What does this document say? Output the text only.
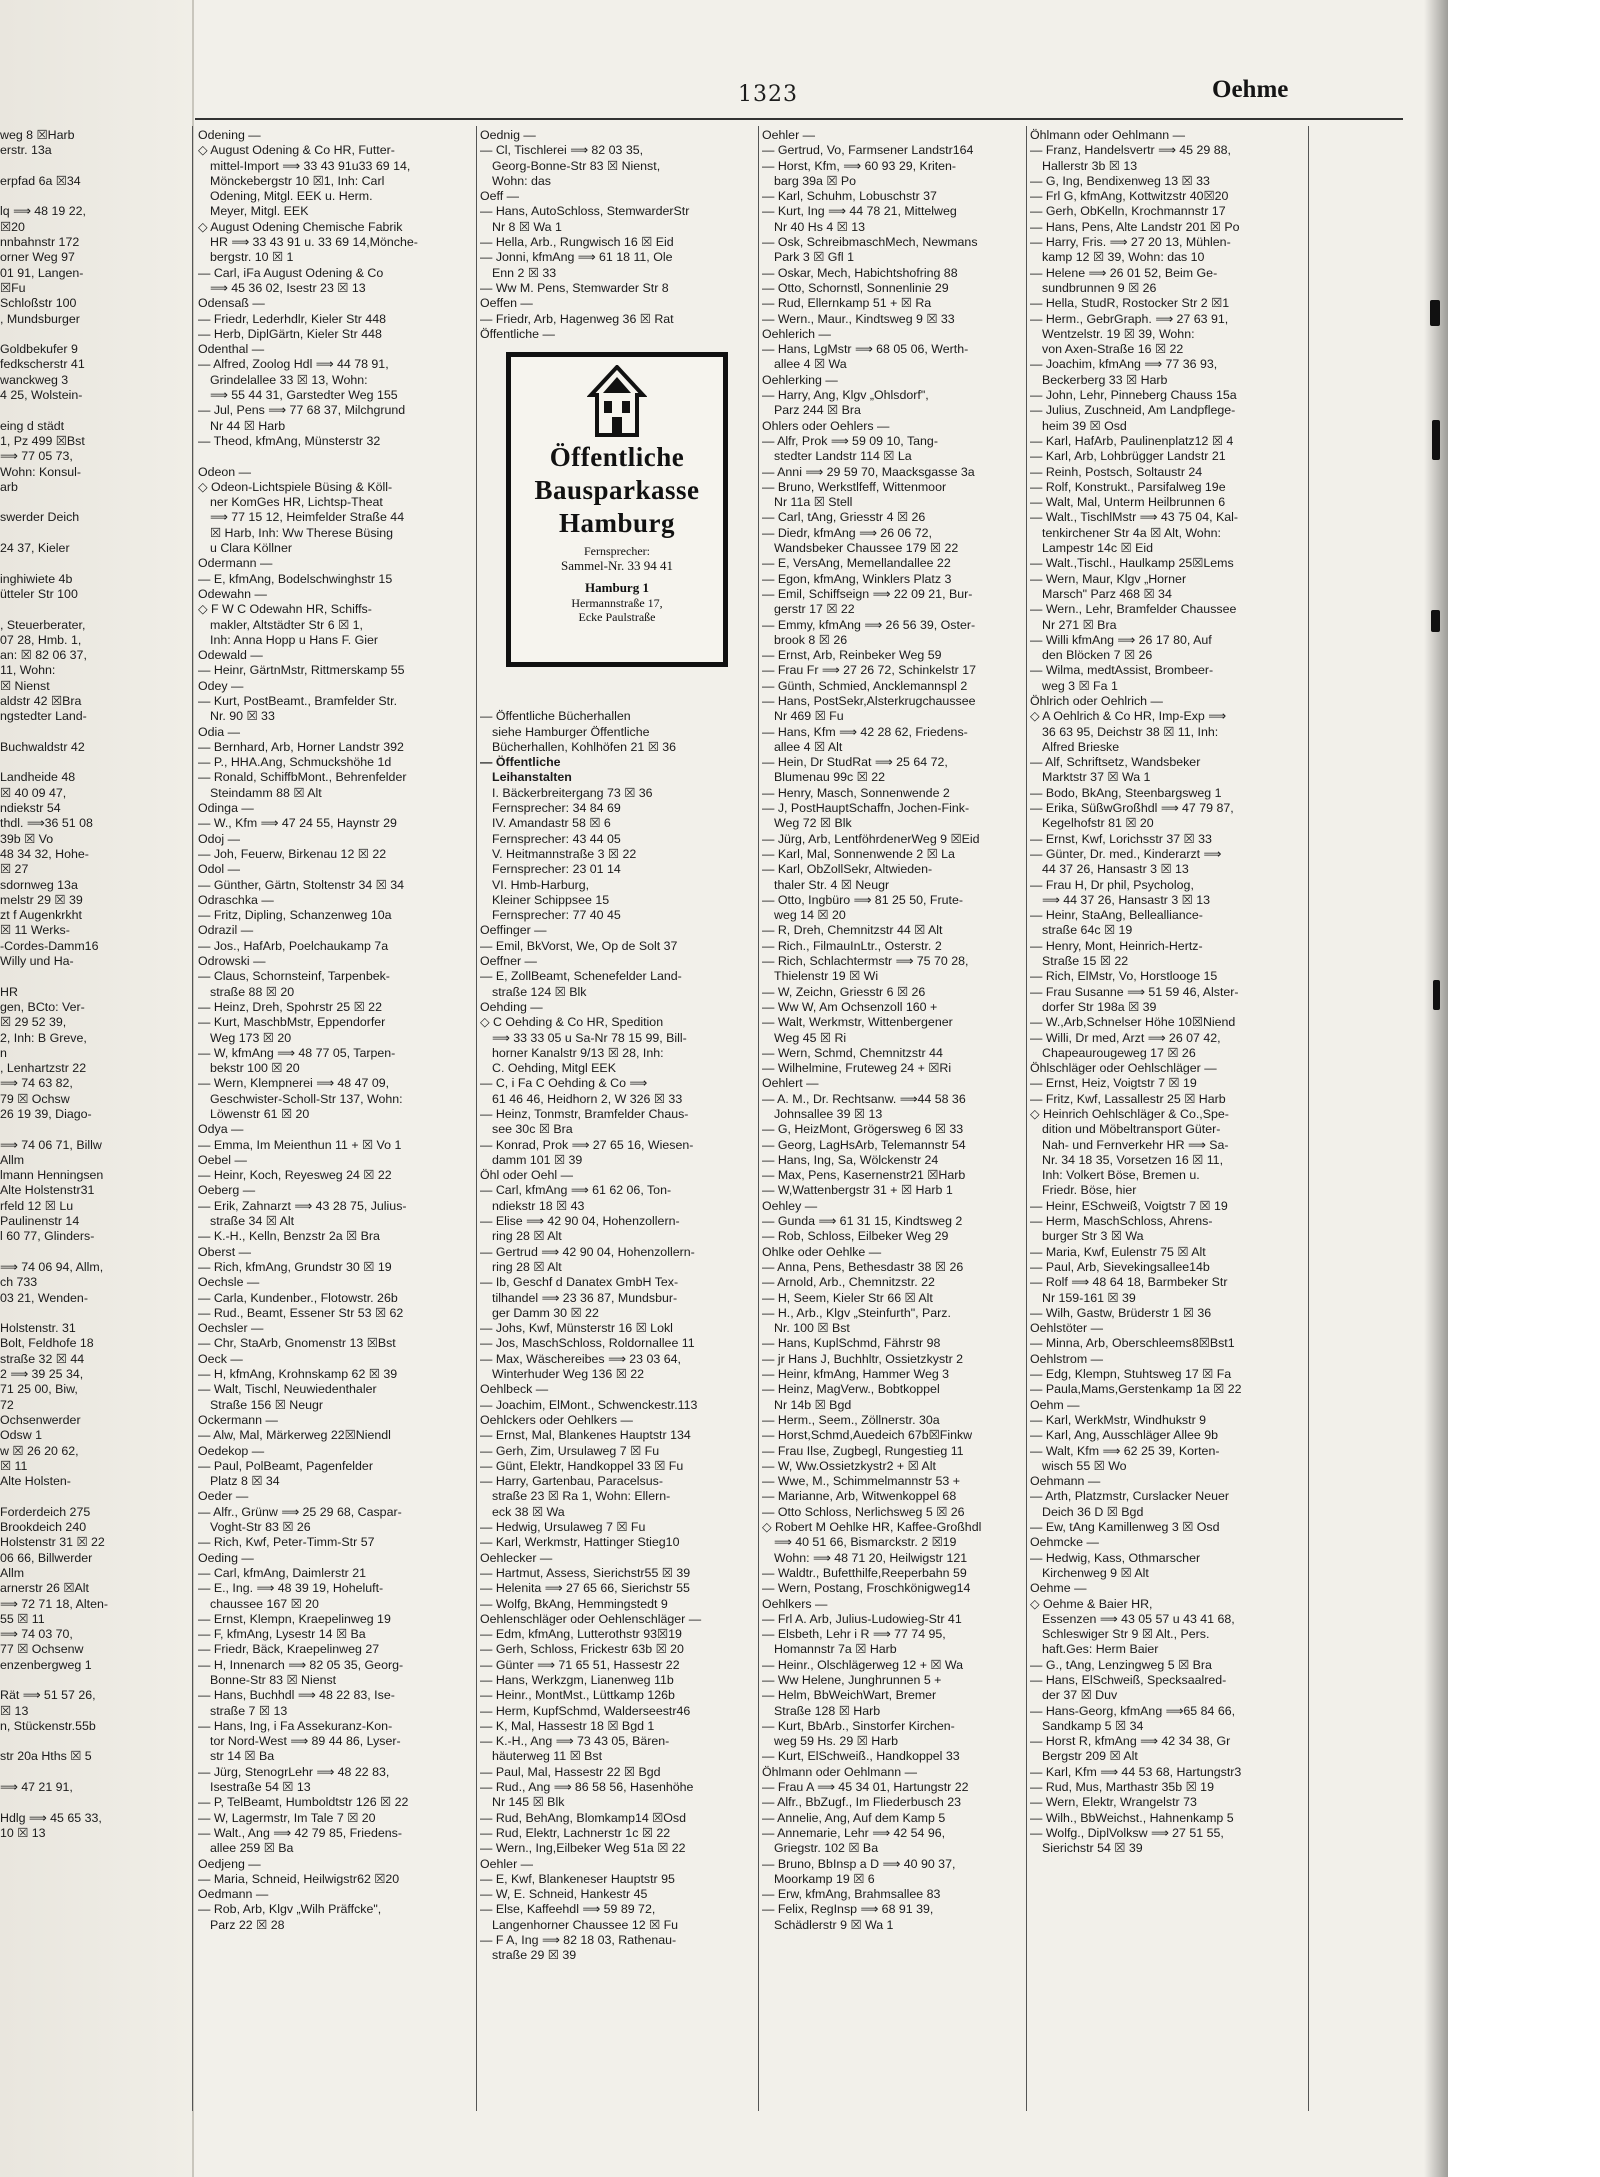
1323	Oehme
weg 8 ☒Harb
erstr. 13a

erpfad 6a ☒34

lq ⟹ 48 19 22,
☒20
nnbahnstr 172
orner Weg 97
01 91, Langen-
☒Fu
Schloßstr 100
, Mundsburger

Goldbekufer 9
fedkscherstr 41
wanckweg 3
4 25, Wolstein-

eing d städt
1, Pz 499 ☒Bst
⟹ 77 05 73,
Wohn: Konsul-
arb

swerder Deich

24 37, Kieler

inghiwiete 4b
ütteler Str 100

, Steuerberater,
07 28, Hmb. 1,
an: ☒ 82 06 37,
11, Wohn:
☒ Nienst
aldstr 42 ☒Bra
ngstedter Land-

Buchwaldstr 42

Landheide 48
☒ 40 09 47,
ndiekstr 54
thdl. ⟹36 51 08
39b ☒ Vo
48 34 32, Hohe-
☒ 27
sdornweg 13a
melstr 29 ☒ 39
zt f Augenkrkht
☒ 11 Werks-
-Cordes-Damm16
Willy und Ha-

HR
gen, BCto: Ver-
☒ 29 52 39,
2, Inh: B Greve,
n
, Lenhartzstr 22
⟹ 74 63 82,
79 ☒ Ochsw
26 19 39, Diago-

⟹ 74 06 71, Billw
Allm
lmann Henningsen
Alte Holstenstr31
rfeld 12 ☒ Lu
Paulinenstr 14
l 60 77, Glinders-

⟹ 74 06 94, Allm,
ch 733
03 21, Wenden-

Holstenstr. 31
Bolt, Feldhofe 18
straße 32 ☒ 44
2 ⟹ 39 25 34,
71 25 00, Biw,
72
Ochsenwerder
Odsw 1
w ☒ 26 20 62,
☒ 11
Alte Holsten-

Forderdeich 275
Brookdeich 240
Holstenstr 31 ☒ 22
06 66, Billwerder
Allm
arnerstr 26 ☒Alt
⟹ 72 71 18, Alten-
55 ☒ 11
⟹ 74 03 70,
77 ☒ Ochsenw
enzenbergweg 1

Rät ⟹ 51 57 26,
☒ 13
n, Stückenstr.55b

str 20a Hths ☒ 5

⟹ 47 21 91,

Hdlg ⟹ 45 65 33,
10 ☒ 13
Odening —
◇ August Odening & Co HR, Futter-
mittel-Import ⟹ 33 43 91u33 69 14,
Mönckebergstr 10 ☒1, Inh: Carl
Odening, Mitgl. EEK u. Herm.
Meyer, Mitgl. EEK
◇ August Odening Chemische Fabrik
HR ⟹ 33 43 91 u. 33 69 14,Mönche-
bergstr. 10 ☒ 1
— Carl, iFa August Odening & Co
⟹ 45 36 02, Isestr 23 ☒ 13
Odensaß —
— Friedr, Lederhdlr, Kieler Str 448
— Herb, DiplGärtn, Kieler Str 448
Odenthal —
— Alfred, Zoolog Hdl ⟹ 44 78 91,
Grindelallee 33 ☒ 13, Wohn:
⟹ 55 44 31, Garstedter Weg 155
— Jul, Pens ⟹ 77 68 37, Milchgrund
Nr 44 ☒ Harb
— Theod, kfmAng, Münsterstr 32

Odeon —
◇ Odeon-Lichtspiele Büsing & Köll-
ner KomGes HR, Lichtsp-Theat
⟹ 77 15 12, Heimfelder Straße 44
☒ Harb, Inh: Ww Therese Büsing
u Clara Köllner
Odermann —
— E, kfmAng, Bodelschwinghstr 15
Odewahn —
◇ F W C Odewahn HR, Schiffs-
makler, Altstädter Str 6 ☒ 1,
Inh: Anna Hopp u Hans F. Gier
Odewald —
— Heinr, GärtnMstr, Rittmerskamp 55
Odey —
— Kurt, PostBeamt., Bramfelder Str.
Nr. 90 ☒ 33
Odia —
— Bernhard, Arb, Horner Landstr 392
— P., HHA.Ang, Schmuckshöhe 1d
— Ronald, SchiffbMont., Behrenfelder
Steindamm 88 ☒ Alt
Odinga —
— W., Kfm ⟹ 47 24 55, Haynstr 29
Odoj —
— Joh, Feuerw, Birkenau 12 ☒ 22
Odol —
— Günther, Gärtn, Stoltenstr 34 ☒ 34
Odraschka —
— Fritz, Dipling, Schanzenweg 10a
Odrazil —
— Jos., HafArb, Poelchaukamp 7a
Odrowski —
— Claus, Schornsteinf, Tarpenbek-
straße 88 ☒ 20
— Heinz, Dreh, Spohrstr 25 ☒ 22
— Kurt, MaschbMstr, Eppendorfer
Weg 173 ☒ 20
— W, kfmAng ⟹ 48 77 05, Tarpen-
bekstr 100 ☒ 20
— Wern, Klempnerei ⟹ 48 47 09,
Geschwister-Scholl-Str 137, Wohn:
Löwenstr 61 ☒ 20
Odya —
— Emma, Im Meienthun 11 + ☒ Vo 1
Oebel —
— Heinr, Koch, Reyesweg 24 ☒ 22
Oeberg —
— Erik, Zahnarzt ⟹ 43 28 75, Julius-
straße 34 ☒ Alt
— K.-H., Kelln, Benzstr 2a ☒ Bra
Oberst —
— Rich, kfmAng, Grundstr 30 ☒ 19
Oechsle —
— Carla, Kundenber., Flotowstr. 26b
— Rud., Beamt, Essener Str 53 ☒ 62
Oechsler —
— Chr, StaArb, Gnomenstr 13 ☒Bst
Oeck —
— H, kfmAng, Krohnskamp 62 ☒ 39
— Walt, Tischl, Neuwiedenthaler
Straße 156 ☒ Neugr
Ockermann —
— Alw, Mal, Märkerweg 22☒Niendl
Oedekop —
— Paul, PolBeamt, Pagenfelder
Platz 8 ☒ 34
Oeder —
— Alfr., Grünw ⟹ 25 29 68, Caspar-
Voght-Str 83 ☒ 26
— Rich, Kwf, Peter-Timm-Str 57
Oeding —
— Carl, kfmAng, Daimlerstr 21
— E., Ing. ⟹ 48 39 19, Hoheluft-
chaussee 167 ☒ 20
— Ernst, Klempn, Kraepelinweg 19
— F, kfmAng, Lysestr 14 ☒ Ba
— Friedr, Bäck, Kraepelinweg 27
— H, Innenarch ⟹ 82 05 35, Georg-
Bonne-Str 83 ☒ Nienst
— Hans, Buchhdl ⟹ 48 22 83, Ise-
straße 7 ☒ 13
— Hans, Ing, i Fa Assekuranz-Kon-
tor Nord-West ⟹ 89 44 86, Lyser-
str 14 ☒ Ba
— Jürg, StenogrLehr ⟹ 48 22 83,
Isestraße 54 ☒ 13
— P, TelBeamt, Humboldtstr 126 ☒ 22
— W, Lagermstr, Im Tale 7 ☒ 20
— Walt., Ang ⟹ 42 79 85, Friedens-
allee 259 ☒ Ba
Oedjeng —
— Maria, Schneid, Heilwigstr62 ☒20
Oedmann —
— Rob, Arb, Klgv „Wilh Präffcke",
Parz 22 ☒ 28
Oednig —
— Cl, Tischlerei ⟹ 82 03 35,
Georg-Bonne-Str 83 ☒ Nienst,
Wohn: das
Oeff —
— Hans, AutoSchloss, StemwarderStr
Nr 8 ☒ Wa 1
— Hella, Arb., Rungwisch 16 ☒ Eid
— Jonni, kfmAng ⟹ 61 18 11, Ole
Enn 2 ☒ 33
— Ww M. Pens, Stemwarder Str 8
Oeffen —
— Friedr, Arb, Hagenweg 36 ☒ Rat
Öffentliche —

— Öffentliche Bücherhallen
siehe Hamburger Öffentliche
Bücherhallen, Kohlhöfen 21 ☒ 36
— Öffentliche
Leihanstalten
I. Bäckerbreitergang 73 ☒ 36
Fernsprecher: 34 84 69
IV. Amandastr 58 ☒ 6
Fernsprecher: 43 44 05
V. Heitmannstraße 3 ☒ 22
Fernsprecher: 23 01 14
VI. Hmb-Harburg,
Kleiner Schippsee 15
Fernsprecher: 77 40 45
Oeffinger —
— Emil, BkVorst, We, Op de Solt 37
Oeffner —
— E, ZollBeamt, Schenefelder Land-
straße 124 ☒ Blk
Oehding —
◇ C Oehding & Co HR, Spedition
⟹ 33 33 05 u Sa-Nr 78 15 99, Bill-
horner Kanalstr 9/13 ☒ 28, Inh:
C. Oehding, Mitgl EEK
— C, i Fa C Oehding & Co ⟹
61 46 46, Heidhorn 2, W 326 ☒ 33
— Heinz, Tonmstr, Bramfelder Chaus-
see 30c ☒ Bra
— Konrad, Prok ⟹ 27 65 16, Wiesen-
damm 101 ☒ 39
Öhl oder Oehl —
— Carl, kfmAng ⟹ 61 62 06, Ton-
ndiekstr 18 ☒ 43
— Elise ⟹ 42 90 04, Hohenzollern-
ring 28 ☒ Alt
— Gertrud ⟹ 42 90 04, Hohenzollern-
ring 28 ☒ Alt
— Ib, Geschf d Danatex GmbH Tex-
tilhandel ⟹ 23 36 87, Mundsbur-
ger Damm 30 ☒ 22
— Johs, Kwf, Münsterstr 16 ☒ Lokl
— Jos, MaschSchloss, Roldornallee 11
— Max, Wäschereibes ⟹ 23 03 64,
Winterhuder Weg 136 ☒ 22
Oehlbeck —
— Joachim, ElMont., Schwenckestr.113
Oehlckers oder Oehlkers —
— Ernst, Mal, Blankenes Hauptstr 134
— Gerh, Zim, Ursulaweg 7 ☒ Fu
— Günt, Elektr, Handkoppel 33 ☒ Fu
— Harry, Gartenbau, Paracelsus-
straße 23 ☒ Ra 1, Wohn: Ellern-
eck 38 ☒ Wa
— Hedwig, Ursulaweg 7 ☒ Fu
— Karl, Werkmstr, Hattinger Stieg10
Oehlecker —
— Hartmut, Assess, Sierichstr55 ☒ 39
— Helenita ⟹ 27 65 66, Sierichstr 55
— Wolfg, BkAng, Hemmingstedt 9
Oehlenschläger oder Oehlenschläger —
— Edm, kfmAng, Lutterothstr 93☒19
— Gerh, Schloss, Frickestr 63b ☒ 20
— Günter ⟹ 71 65 51, Hassestr 22
— Hans, Werkzgm, Lianenweg 11b
— Heinr., MontMst., Lüttkamp 126b
— Herm, KupfSchmd, Walderseestr46
— K, Mal, Hassestr 18 ☒ Bgd 1
— K.-H., Ang ⟹ 73 43 05, Bären-
häuterweg 11 ☒ Bst
— Paul, Mal, Hassestr 22 ☒ Bgd
— Rud., Ang ⟹ 86 58 56, Hasenhöhe
Nr 145 ☒ Blk
— Rud, BehAng, Blomkamp14 ☒Osd
— Rud, Elektr, Lachnerstr 1c ☒ 22
— Wern., Ing,Eilbeker Weg 51a ☒ 22
Oehler —
— E, Kwf, Blankeneser Hauptstr 95
— W, E. Schneid, Hankestr 45
— Else, Kaffeehdl ⟹ 59 89 72,
Langenhorner Chaussee 12 ☒ Fu
— F A, Ing ⟹ 82 18 03, Rathenau-
straße 29 ☒ 39
Oehler —
— Gertrud, Vo, Farmsener Landstr164
— Horst, Kfm, ⟹ 60 93 29, Kriten-
barg 39a ☒ Po
— Karl, Schuhm, Lobuschstr 37
— Kurt, Ing ⟹ 44 78 21, Mittelweg
Nr 40 Hs 4 ☒ 13
— Osk, SchreibmaschMech, Newmans
Park 3 ☒ Gfl 1
— Oskar, Mech, Habichtshofring 88
— Otto, Schornstl, Sonnenlinie 29
— Rud, Ellernkamp 51 + ☒ Ra
— Wern., Maur., Kindtsweg 9 ☒ 33
Oehlerich —
— Hans, LgMstr ⟹ 68 05 06, Werth-
allee 4 ☒ Wa
Oehlerking —
— Harry, Ang, Klgv „Ohlsdorf",
Parz 244 ☒ Bra
Ohlers oder Oehlers —
— Alfr, Prok ⟹ 59 09 10, Tang-
stedter Landstr 114 ☒ La
— Anni ⟹ 29 59 70, Maacksgasse 3a
— Bruno, Werkstlfeff, Wittenmoor
Nr 11a ☒ Stell
— Carl, tAng, Griesstr 4 ☒ 26
— Diedr, kfmAng ⟹ 26 06 72,
Wandsbeker Chaussee 179 ☒ 22
— E, VersAng, Memellandallee 22
— Egon, kfmAng, Winklers Platz 3
— Emil, Schiffseign ⟹ 22 09 21, Bur-
gerstr 17 ☒ 22
— Emmy, kfmAng ⟹ 26 56 39, Oster-
brook 8 ☒ 26
— Ernst, Arb, Reinbeker Weg 59
— Frau Fr ⟹ 27 26 72, Schinkelstr 17
— Günth, Schmied, Ancklemannspl 2
— Hans, PostSekr,Alsterkrugchaussee
Nr 469 ☒ Fu
— Hans, Kfm ⟹ 42 28 62, Friedens-
allee 4 ☒ Alt
— Hein, Dr StudRat ⟹ 25 64 72,
Blumenau 99c ☒ 22
— Henry, Masch, Sonnenwende 2
— J, PostHauptSchaffn, Jochen-Fink-
Weg 72 ☒ Blk
— Jürg, Arb, LentföhrdenerWeg 9 ☒Eid
— Karl, Mal, Sonnenwende 2 ☒ La
— Karl, ObZollSekr, Altwieden-
thaler Str. 4 ☒ Neugr
— Otto, Ingbüro ⟹ 81 25 50, Frute-
weg 14 ☒ 20
— R, Dreh, Chemnitzstr 44 ☒ Alt
— Rich., FilmauInLtr., Osterstr. 2
— Rich, Schlachtermstr ⟹ 75 70 28,
Thielenstr 19 ☒ Wi
— W, Zeichn, Griesstr 6 ☒ 26
— Ww W, Am Ochsenzoll 160 +
— Walt, Werkmstr, Wittenbergener
Weg 45 ☒ Ri
— Wern, Schmd, Chemnitzstr 44
— Wilhelmine, Fruteweg 24 + ☒Ri
Oehlert —
— A. M., Dr. Rechtsanw. ⟹44 58 36
Johnsallee 39 ☒ 13
— G, HeizMont, Grögersweg 6 ☒ 33
— Georg, LagHsArb, Telemannstr 54
— Hans, Ing, Sa, Wölckenstr 24
— Max, Pens, Kasernenstr21 ☒Harb
— W,Wattenbergstr 31 + ☒ Harb 1
Oehley —
— Gunda ⟹ 61 31 15, Kindtsweg 2
— Rob, Schloss, Eilbeker Weg 29
Ohlke oder Oehlke —
— Anna, Pens, Bethesdastr 38 ☒ 26
— Arnold, Arb., Chemnitzstr. 22
— H, Seem, Kieler Str 66 ☒ Alt
— H., Arb., Klgv „Steinfurth", Parz.
Nr. 100 ☒ Bst
— Hans, KuplSchmd, Fährstr 98
— jr Hans J, Buchhltr, Ossietzkystr 2
— Heinr, kfmAng, Hammer Weg 3
— Heinz, MagVerw., Bobtkoppel
Nr 14b ☒ Bgd
— Herm., Seem., Zöllnerstr. 30a
— Horst,Schmd,Auedeich 67b☒Finkw
— Frau Ilse, Zugbegl, Rungestieg 11
— W, Ww.Ossietzkystr2 + ☒ Alt
— Wwe, M., Schimmelmannstr 53 +
— Marianne, Arb, Witwenkoppel 68
— Otto Schloss, Nerlichsweg 5 ☒ 26
◇ Robert M Oehlke HR, Kaffee-Großhdl
⟹ 40 51 66, Bismarckstr. 2 ☒19
Wohn: ⟹ 48 71 20, Heilwigstr 121
— Waldtr., Bufetthilfe,Reeperbahn 59
— Wern, Postang, Froschkönigweg14
Oehlkers —
— Frl A. Arb, Julius-Ludowieg-Str 41
— Elsbeth, Lehr i R ⟹ 77 74 95,
Homannstr 7a ☒ Harb
— Heinr., Olschlägerweg 12 + ☒ Wa
— Ww Helene, Junghrunnen 5 +
— Helm, BbWeichWart, Bremer
Straße 128 ☒ Harb
— Kurt, BbArb., Sinstorfer Kirchen-
weg 59 Hs. 29 ☒ Harb
— Kurt, ElSchweiß., Handkoppel 33
Öhlmann oder Oehlmann —
— Frau A ⟹ 45 34 01, Hartungstr 22
— Alfr., BbZugf., Im Fliederbusch 23
— Annelie, Ang, Auf dem Kamp 5
— Annemarie, Lehr ⟹ 42 54 96,
Griegstr. 102 ☒ Ba
— Bruno, BbInsp a D ⟹ 40 90 37,
Moorkamp 19 ☒ 6
— Erw, kfmAng, Brahmsallee 83
— Felix, RegInsp ⟹ 68 91 39,
Schädlerstr 9 ☒ Wa 1
Öhlmann oder Oehlmann —
— Franz, Handelsvertr ⟹ 45 29 88,
Hallerstr 3b ☒ 13
— G, Ing, Bendixenweg 13 ☒ 33
— Frl G, kfmAng, Kottwitzstr 40☒20
— Gerh, ObKelln, Krochmannstr 17
— Hans, Pens, Alte Landstr 201 ☒ Po
— Harry, Fris. ⟹ 27 20 13, Mühlen-
kamp 12 ☒ 39, Wohn: das 10
— Helene ⟹ 26 01 52, Beim Ge-
sundbrunnen 9 ☒ 26
— Hella, StudR, Rostocker Str 2 ☒1
— Herm., GebrGraph. ⟹ 27 63 91,
Wentzelstr. 19 ☒ 39, Wohn:
von Axen-Straße 16 ☒ 22
— Joachim, kfmAng ⟹ 77 36 93,
Beckerberg 33 ☒ Harb
— John, Lehr, Pinneberg Chauss 15a
— Julius, Zuschneid, Am Landpflege-
heim 39 ☒ Osd
— Karl, HafArb, Paulinenplatz12 ☒ 4
— Karl, Arb, Lohbrügger Landstr 21
— Reinh, Postsch, Soltaustr 24
— Rolf, Konstrukt., Parsifalweg 19e
— Walt, Mal, Unterm Heilbrunnen 6
— Walt., TischlMstr ⟹ 43 75 04, Kal-
tenkirchener Str 4a ☒ Alt, Wohn:
Lampestr 14c ☒ Eid
— Walt.,Tischl., Haulkamp 25☒Lems
— Wern, Maur, Klgv „Horner
Marsch" Parz 468 ☒ 34
— Wern., Lehr, Bramfelder Chaussee
Nr 271 ☒ Bra
— Willi kfmAng ⟹ 26 17 80, Auf
den Blöcken 7 ☒ 26
— Wilma, medtAssist, Brombeer-
weg 3 ☒ Fa 1
Öhlrich oder Oehlrich —
◇ A Oehlrich & Co HR, Imp-Exp ⟹
36 63 95, Deichstr 38 ☒ 11, Inh:
Alfred Brieske
— Alf, Schriftsetz, Wandsbeker
Marktstr 37 ☒ Wa 1
— Bodo, BkAng, Steenbargsweg 1
— Erika, SüßwGroßhdl ⟹ 47 79 87,
Kegelhofstr 81 ☒ 20
— Ernst, Kwf, Lorichsstr 37 ☒ 33
— Günter, Dr. med., Kinderarzt ⟹
44 37 26, Hansastr 3 ☒ 13
— Frau H, Dr phil, Psycholog,
⟹ 44 37 26, Hansastr 3 ☒ 13
— Heinr, StaAng, Belleallianсe-
straße 64c ☒ 19
— Henry, Mont, Heinrich-Hertz-
Straße 15 ☒ 22
— Rich, ElMstr, Vo, Horstlooge 15
— Frau Susanne ⟹ 51 59 46, Alster-
dorfer Str 198a ☒ 39
— W.,Arb,Schnelser Höhe 10☒Niend
— Willi, Dr med, Arzt ⟹ 26 07 42,
Chapeaurougeweg 17 ☒ 26
Öhlschläger oder Oehlschläger —
— Ernst, Heiz, Voigtstr 7 ☒ 19
— Fritz, Kwf, Lassallestr 25 ☒ Harb
◇ Heinrich Oehlschläger & Co.,Spe-
dition und Möbeltransport Güter-
Nah- und Fernverkehr HR ⟹ Sa-
Nr. 34 18 35, Vorsetzen 16 ☒ 11,
Inh: Volkert Böse, Bremen u.
Friedr. Böse, hier
— Heinr, ESchweiß, Voigtstr 7 ☒ 19
— Herm, MaschSchloss, Ahrens-
burger Str 3 ☒ Wa
— Maria, Kwf, Eulenstr 75 ☒ Alt
— Paul, Arb, Sievekingsallee14b
— Rolf ⟹ 48 64 18, Barmbeker Str
Nr 159-161 ☒ 39
— Wilh, Gastw, Brüderstr 1 ☒ 36
Oehlstöter —
— Minna, Arb, Oberschleems8☒Bst1
Oehlstrom —
— Edg, Klempn, Stuhtsweg 17 ☒ Fa
— Paula,Mams,Gerstenkamp 1a ☒ 22
Oehm —
— Karl, WerkMstr, Windhukstr 9
— Karl, Ang, Ausschläger Allee 9b
— Walt, Kfm ⟹ 62 25 39, Korten-
wisch 55 ☒ Wo
Oehmann —
— Arth, Platzmstr, Curslacker Neuer
Deich 36 D ☒ Bgd
— Ew, tAng Kamillenweg 3 ☒ Osd
Oehmcke —
— Hedwig, Kass, Othmarscher
Kirchenweg 9 ☒ Alt
Oehme —
◇ Oehme & Baier HR,
Essenzen ⟹ 43 05 57 u 43 41 68,
Schleswiger Str 9 ☒ Alt., Pers.
haft.Ges: Herm Baier
— G., tAng, Lenzingweg 5 ☒ Bra
— Hans, ElSchweiß, Specksaalred-
der 37 ☒ Duv
— Hans-Georg, kfmAng ⟹65 84 66,
Sandkamp 5 ☒ 34
— Horst R, kfmAng ⟹ 42 34 38, Gr
Bergstr 209 ☒ Alt
— Karl, Kfm ⟹ 44 53 68, Hartungstr3
— Rud, Mus, Marthastr 35b ☒ 19
— Wern, Elektr, Wrangelstr 73
— Wilh., BbWeichst., Hahnenkamp 5
— Wolfg., DiplVolksw ⟹ 27 51 55,
Sierichstr 54 ☒ 39
Öffentliche
Bausparkasse
Hamburg
Fernsprecher:
Sammel-Nr. 33 94 41
Hamburg 1
Hermannstraße 17,
Ecke Paulstraße
